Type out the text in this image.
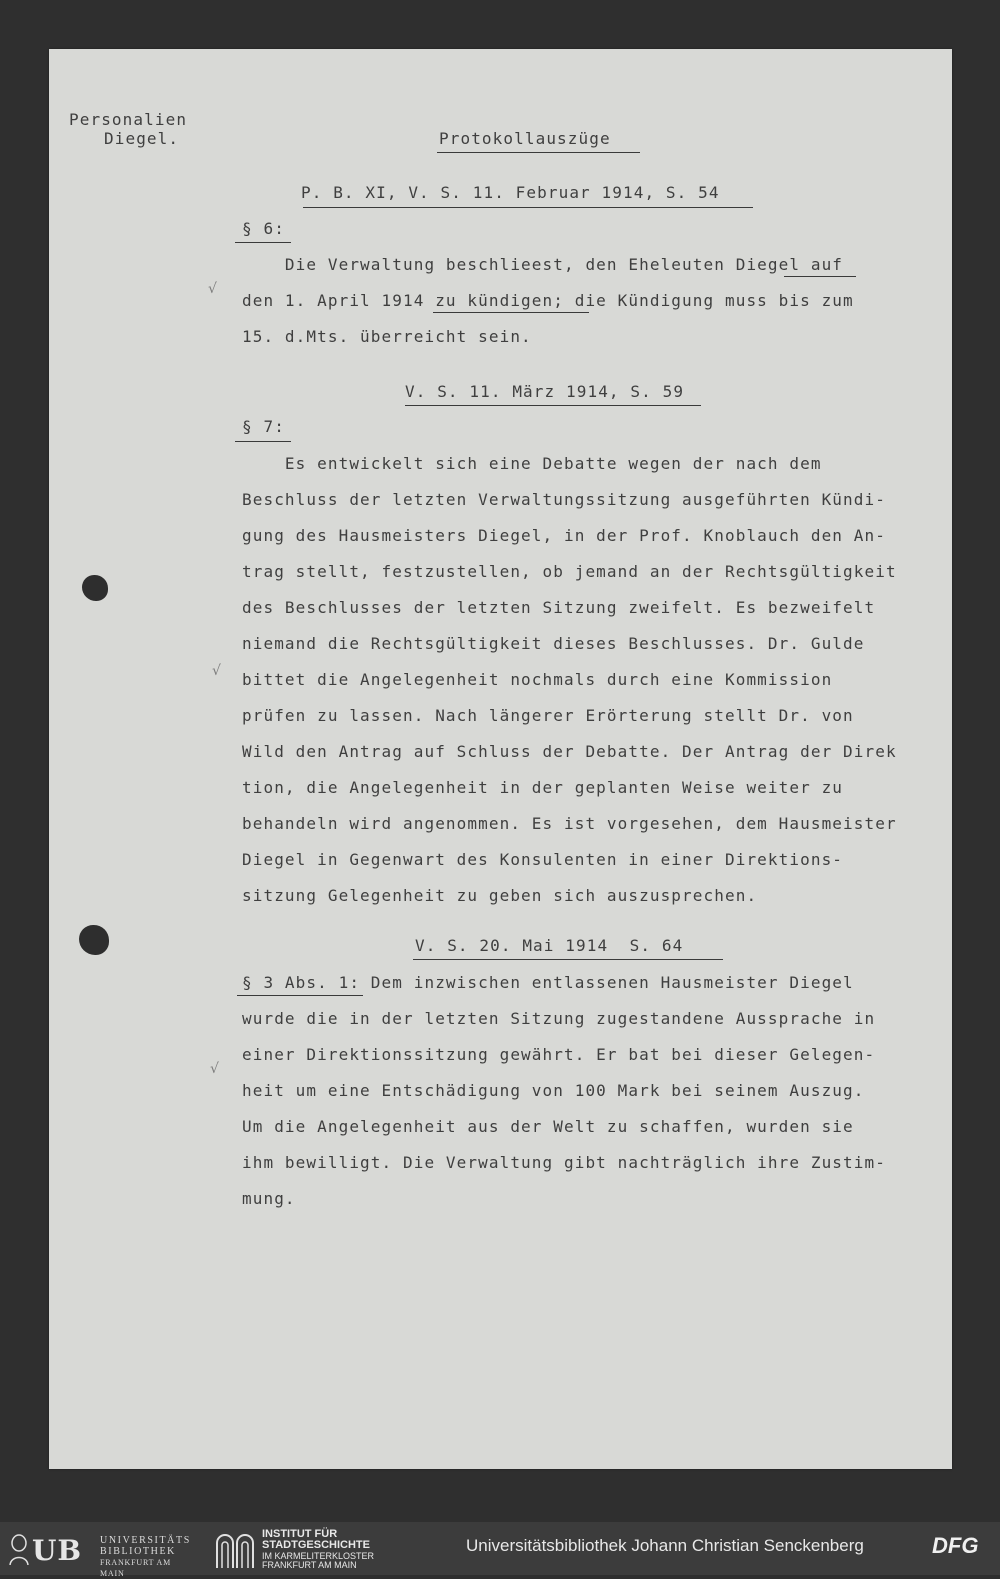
Personalien
Diegel.	Protokollauszüge
P. B. XI, V. S. 11. Februar 1914, S. 54
§ 6:
Die Verwaltung beschlieest, den Eheleuten Diegel auf
den 1. April 1914 zu kündigen; die Kündigung muss bis zum
15. d.Mts. überreicht sein.
√
V. S. 11. März 1914, S. 59
§ 7:
Es entwickelt sich eine Debatte wegen der nach dem
Beschluss der letzten Verwaltungssitzung ausgeführten Kündi-
gung des Hausmeisters Diegel, in der Prof. Knoblauch den An-
trag stellt, festzustellen, ob jemand an der Rechtsgültigkeit
des Beschlusses der letzten Sitzung zweifelt. Es bezweifelt
niemand die Rechtsgültigkeit dieses Beschlusses. Dr. Gulde
bittet die Angelegenheit nochmals durch eine Kommission
prüfen zu lassen. Nach längerer Erörterung stellt Dr. von
Wild den Antrag auf Schluss der Debatte. Der Antrag der Direk
tion, die Angelegenheit in der geplanten Weise weiter zu
behandeln wird angenommen. Es ist vorgesehen, dem Hausmeister
Diegel in Gegenwart des Konsulenten in einer Direktions-
sitzung Gelegenheit zu geben sich auszusprechen.
√
V. S. 20. Mai 1914  S. 64
§ 3 Abs. 1: Dem inzwischen entlassenen Hausmeister Diegel
wurde die in der letzten Sitzung zugestandene Aussprache in
einer Direktionssitzung gewährt. Er bat bei dieser Gelegen-
heit um eine Entschädigung von 100 Mark bei seinem Auszug.
Um die Angelegenheit aus der Welt zu schaffen, wurden sie
ihm bewilligt. Die Verwaltung gibt nachträglich ihre Zustim-
mung.
√
UB UNIVERSITÄTS
BIBLIOTHEK
FRANKFURT AM MAIN
INSTITUT FÜR
STADTGESCHICHTE
IM KARMELITERKLOSTER
FRANKFURT AM MAIN
Universitätsbibliothek Johann Christian Senckenberg	DFG
